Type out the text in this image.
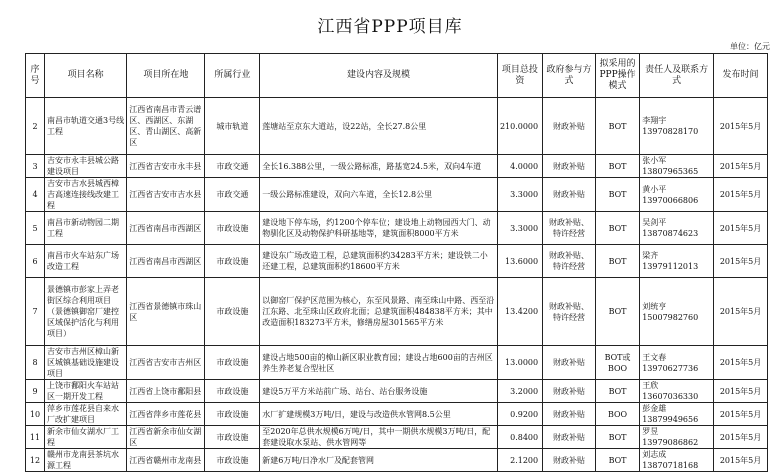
江西省PPP项目库
单位：亿元
序号	项目名称	项目所在地	所属行业	建设内容及规模	项目总投资	政府参与方式	拟采用的PPP操作模式	责任人及联系方式	发布时间
2	南昌市轨道交通3号线工程	江西省南昌市青云谱区、西湖区、东湖区、青山湖区、高新区	城市轨道	莲塘站至京东大道站，设22站，全长27.8公里	210.0000	财政补贴	BOT	李翔宇 13970828170	2015年5月
3	吉安市永丰县城公路建设项目	江西省吉安市永丰县	市政交通	全长16.388公里，一级公路标准，路基宽24.5米，双向4车道	4.0000	财政补贴	BOT	张小军 13807965365	2015年5月
4	吉安市吉水县城西樟吉高速连接线改建工程	江西省吉安市吉水县	市政交通	一级公路标准建设，双向六车道，全长12.8公里	3.3000	财政补贴	BOT	黄小平 13970066806	2015年5月
5	南昌市新动物园二期工程	江西省南昌市西湖区	市政设施	建设地下停车场，约1200个停车位；建设地上动物园西大门、动物驯化区及动物保护科研基地等，建筑面积8000平方米	3.3000	财政补贴、特许经营	BOT	吴剑平 13870874623	2015年5月
6	南昌市火车站东广场改造工程	江西省南昌市西湖区	市政设施	建设东广场改造工程，总建筑面积约34283平方米；建设铁二小还建工程，总建筑面积约18600平方米	13.6000	财政补贴、特许经营	BOT	梁齐 13979112013	2015年5月
7	景德镇市彭家上弄老街区综合利用项目（景德镇御窑厂建控区域保护活化与利用项目）	江西省景德镇市珠山区	市政设施	以御窑厂保护区范围为核心，东至风景路、南至珠山中路、西至沿江东路、北至珠山区政府北面；总建筑面积484838平方米；其中改造面积183273平方米，修缮房屋301565平方米	13.4200	财政补贴、特许经营	BOT	刘统亨 15007982760	2015年5月
8	吉安市吉州区樟山新区城镇基础设施建设项目	江西省吉安市吉州区	市政设施	建设占地500亩的樟山新区职业教育园；建设占地600亩的吉州区养生养老复合型社区	13.0000	财政补贴	BOT或BOO	王文春 13970627736	2015年5月
9	上饶市鄱阳火车站站区一期开发工程	江西省上饶市鄱阳县	市政设施	建设5万平方米站前广场、站台、站台服务设施	3.2000	财政补贴	BOT	王欣 13607036330	2015年5月
10	萍乡市莲花县自来水厂改扩建项目	江西省萍乡市莲花县	市政设施	水厂扩建规模3万吨/日，建设与改造供水管网8.5公里	0.9200	财政补贴	BOO	彭金雄 13879949656	2015年5月
11	新余市仙女湖水厂工程	江西省新余市仙女湖区	市政设施	至2020年总供水规模6万吨/日，其中一期供水规模3万吨/日，配套建设取水泵站、供水管网等	0.8400	财政补贴	BOT	罗昱 13979086862	2015年5月
12	赣州市龙南县茶坑水源工程	江西省赣州市龙南县	市政设施	新建6万吨/日净水厂及配套管网	2.1200	财政补贴	BOT	刘志成 13870718168	2015年5月
